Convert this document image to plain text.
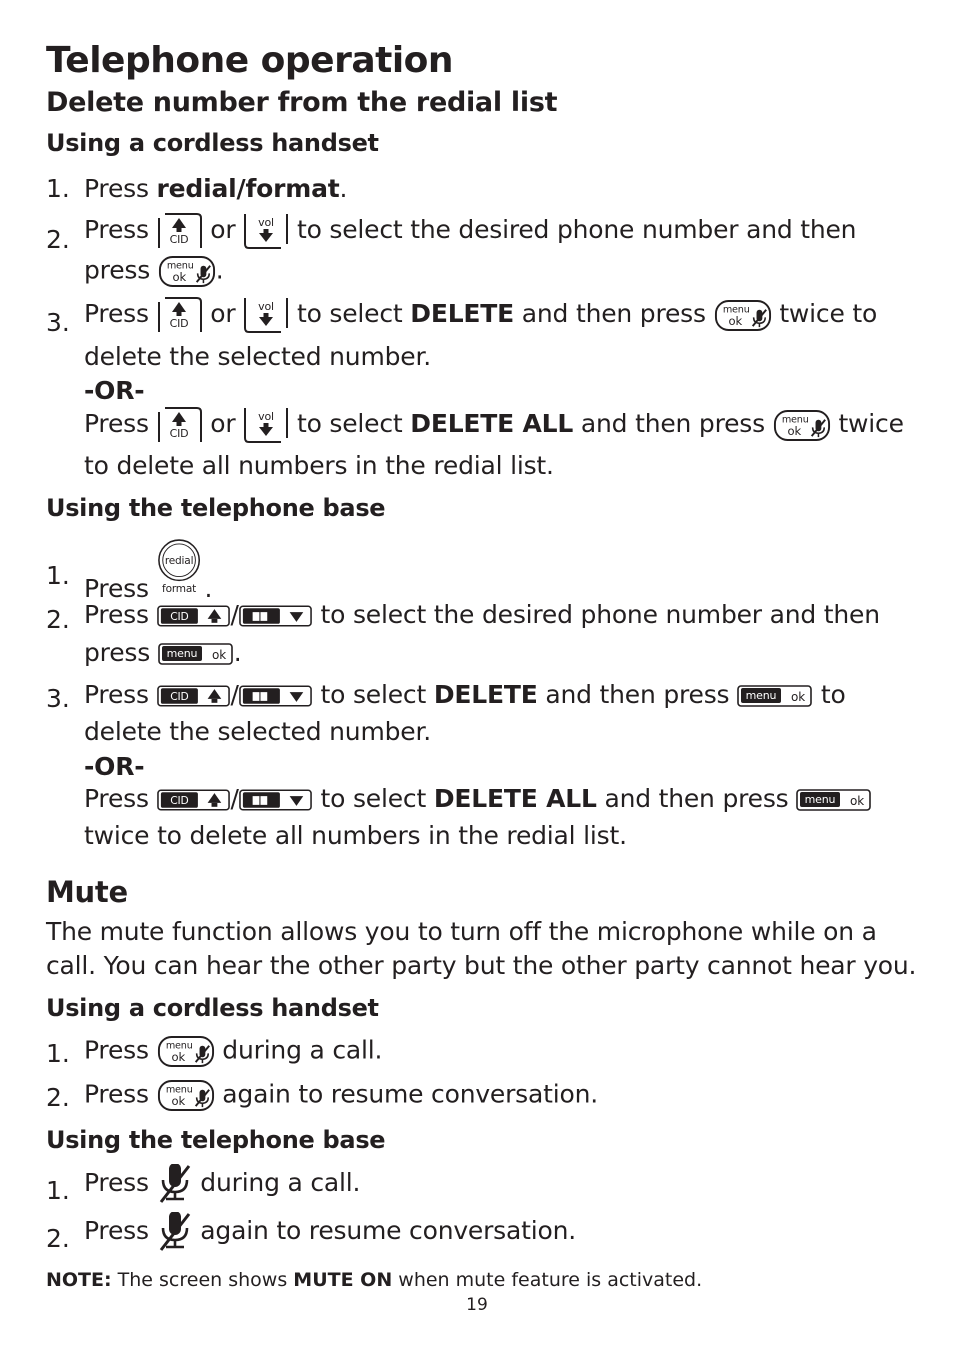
Telephone operation
Delete number from the redial list
Using a cordless handset
1. Press redial/format.
2. Press or to select the desired phone number and then
press	.
3. Press or to select DELETE and then press	twice to
delete the selected number.
-OR-
Press or to select DELETE ALL and then press	twice
to delete all numbers in the redial list.
Using the telephone base
1. Press .
2. Press	/	to select the desired phone number and then
press	.
3. Press	/	to select DELETE and then press	to
delete the selected number.
-OR-
Press	/	to select DELETE ALL and then press
twice to delete all numbers in the redial list.
Mute
The mute function allows you to turn off the microphone while on a
call. You can hear the other party but the other party cannot hear you.
Using a cordless handset
1. Press	during a call.
2. Press	again to resume conversation.
Using the telephone base
1. Press during a call.
2. Press again to resume conversation.
NOTE: The screen shows MUTE ON when mute feature is activated.
19
